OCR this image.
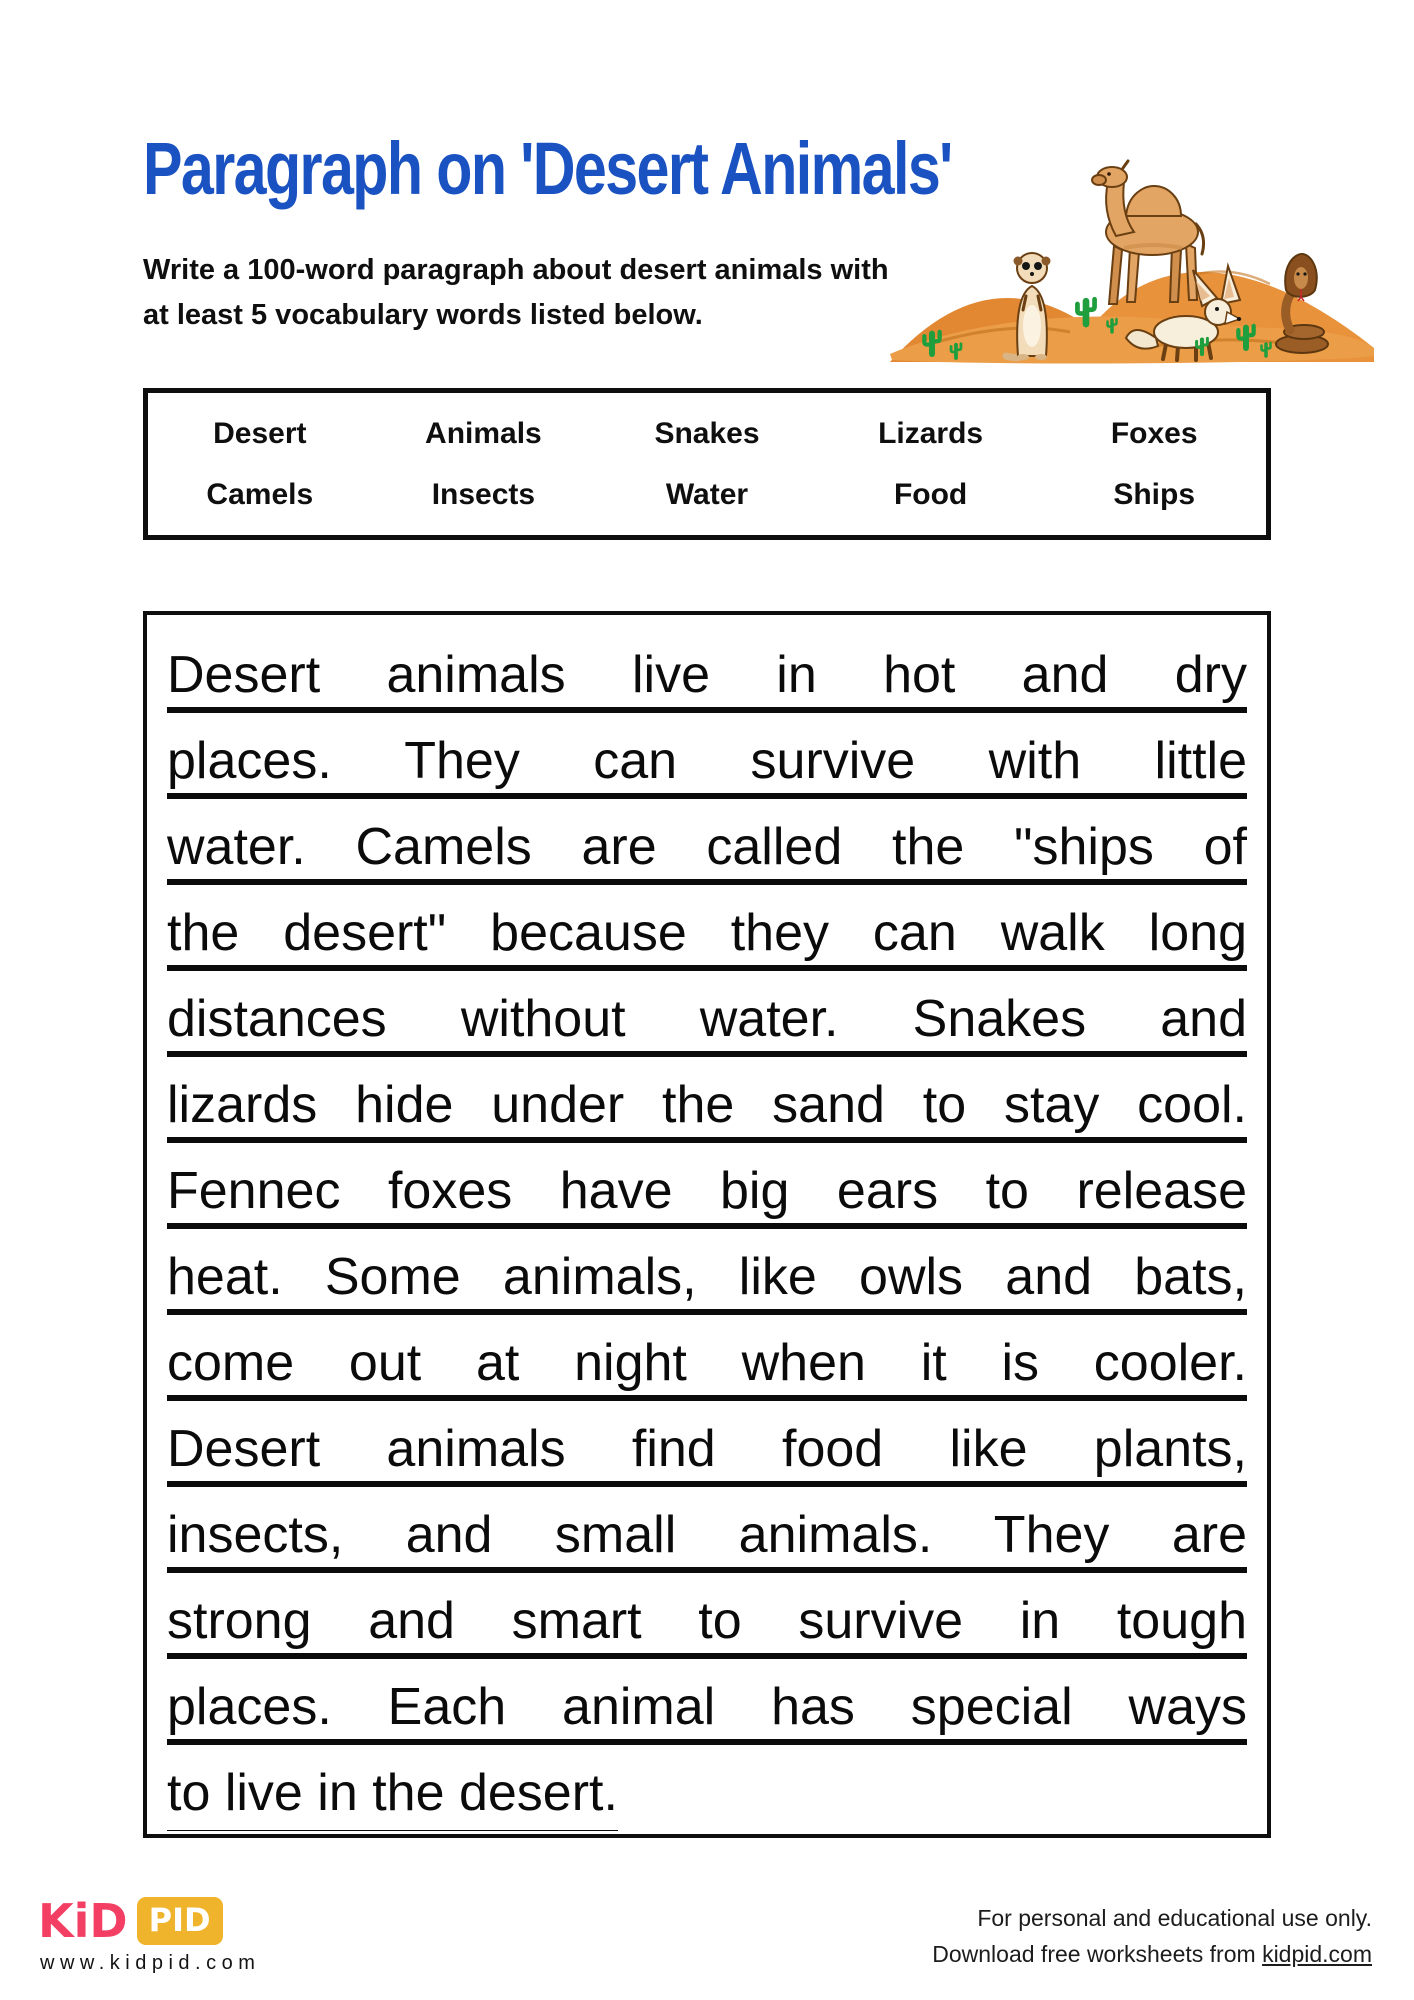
Paragraph on 'Desert Animals'
Write a 100-word paragraph about desert animals with
at least 5 vocabulary words listed below.
Desert	Animals	Snakes	Lizards	Foxes
Camels	Insects	Water	Food	Ships
Desert animals live in hot and dry
places. They can survive with little
water. Camels are called the "ships of
the desert" because they can walk long
distances without water. Snakes and
lizards hide under the sand to stay cool.
Fennec foxes have big ears to release
heat. Some animals, like owls and bats,
come out at night when it is cooler.
Desert animals find food like plants,
insects, and small animals. They are
strong and smart to survive in tough
places. Each animal has special ways
to live in the desert.
KiD PID
www.kidpid.com
For personal and educational use only.
Download free worksheets from kidpid.com
